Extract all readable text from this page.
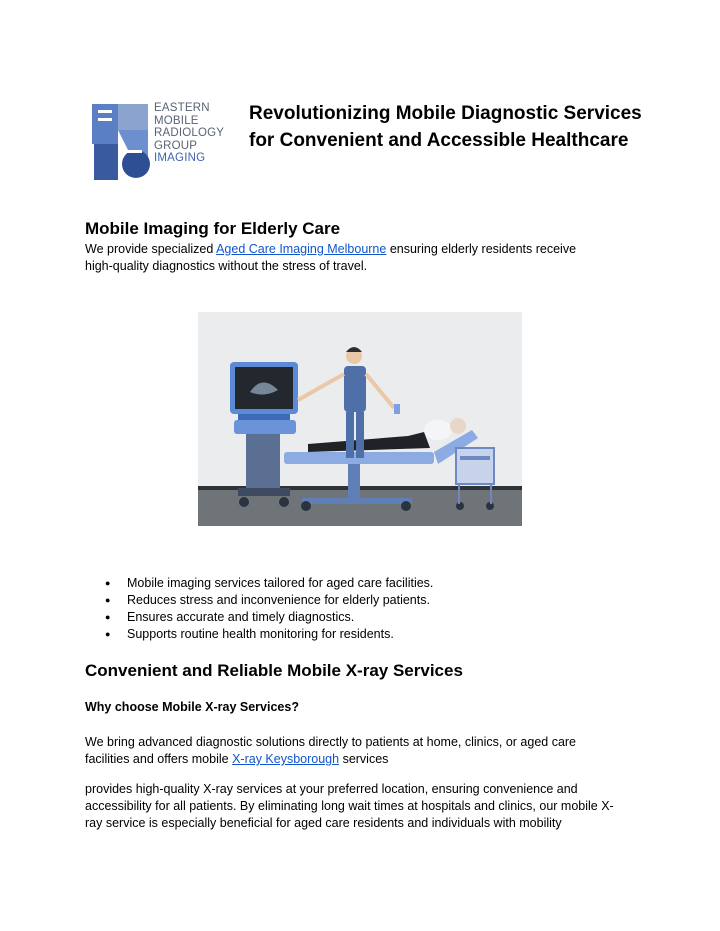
EASTERN
MOBILE
RADIOLOGY
GROUP
IMAGING
Revolutionizing Mobile Diagnostic Services for Convenient and Accessible Healthcare
Mobile Imaging for Elderly Care

We provide specialized Aged Care Imaging Melbourne ensuring elderly residents receive high-quality diagnostics without the stress of travel.

● Mobile imaging services tailored for aged care facilities.
● Reduces stress and inconvenience for elderly patients.
● Ensures accurate and timely diagnostics.
● Supports routine health monitoring for residents.
Convenient and Reliable Mobile X-ray Services
Why choose Mobile X-ray Services?

We bring advanced diagnostic solutions directly to patients at home, clinics, or aged care facilities and offers mobile X-ray Keysborough services

provides high-quality X-ray services at your preferred location, ensuring convenience and accessibility for all patients. By eliminating long wait times at hospitals and clinics, our mobile X-ray service is especially beneficial for aged care residents and individuals with mobility
